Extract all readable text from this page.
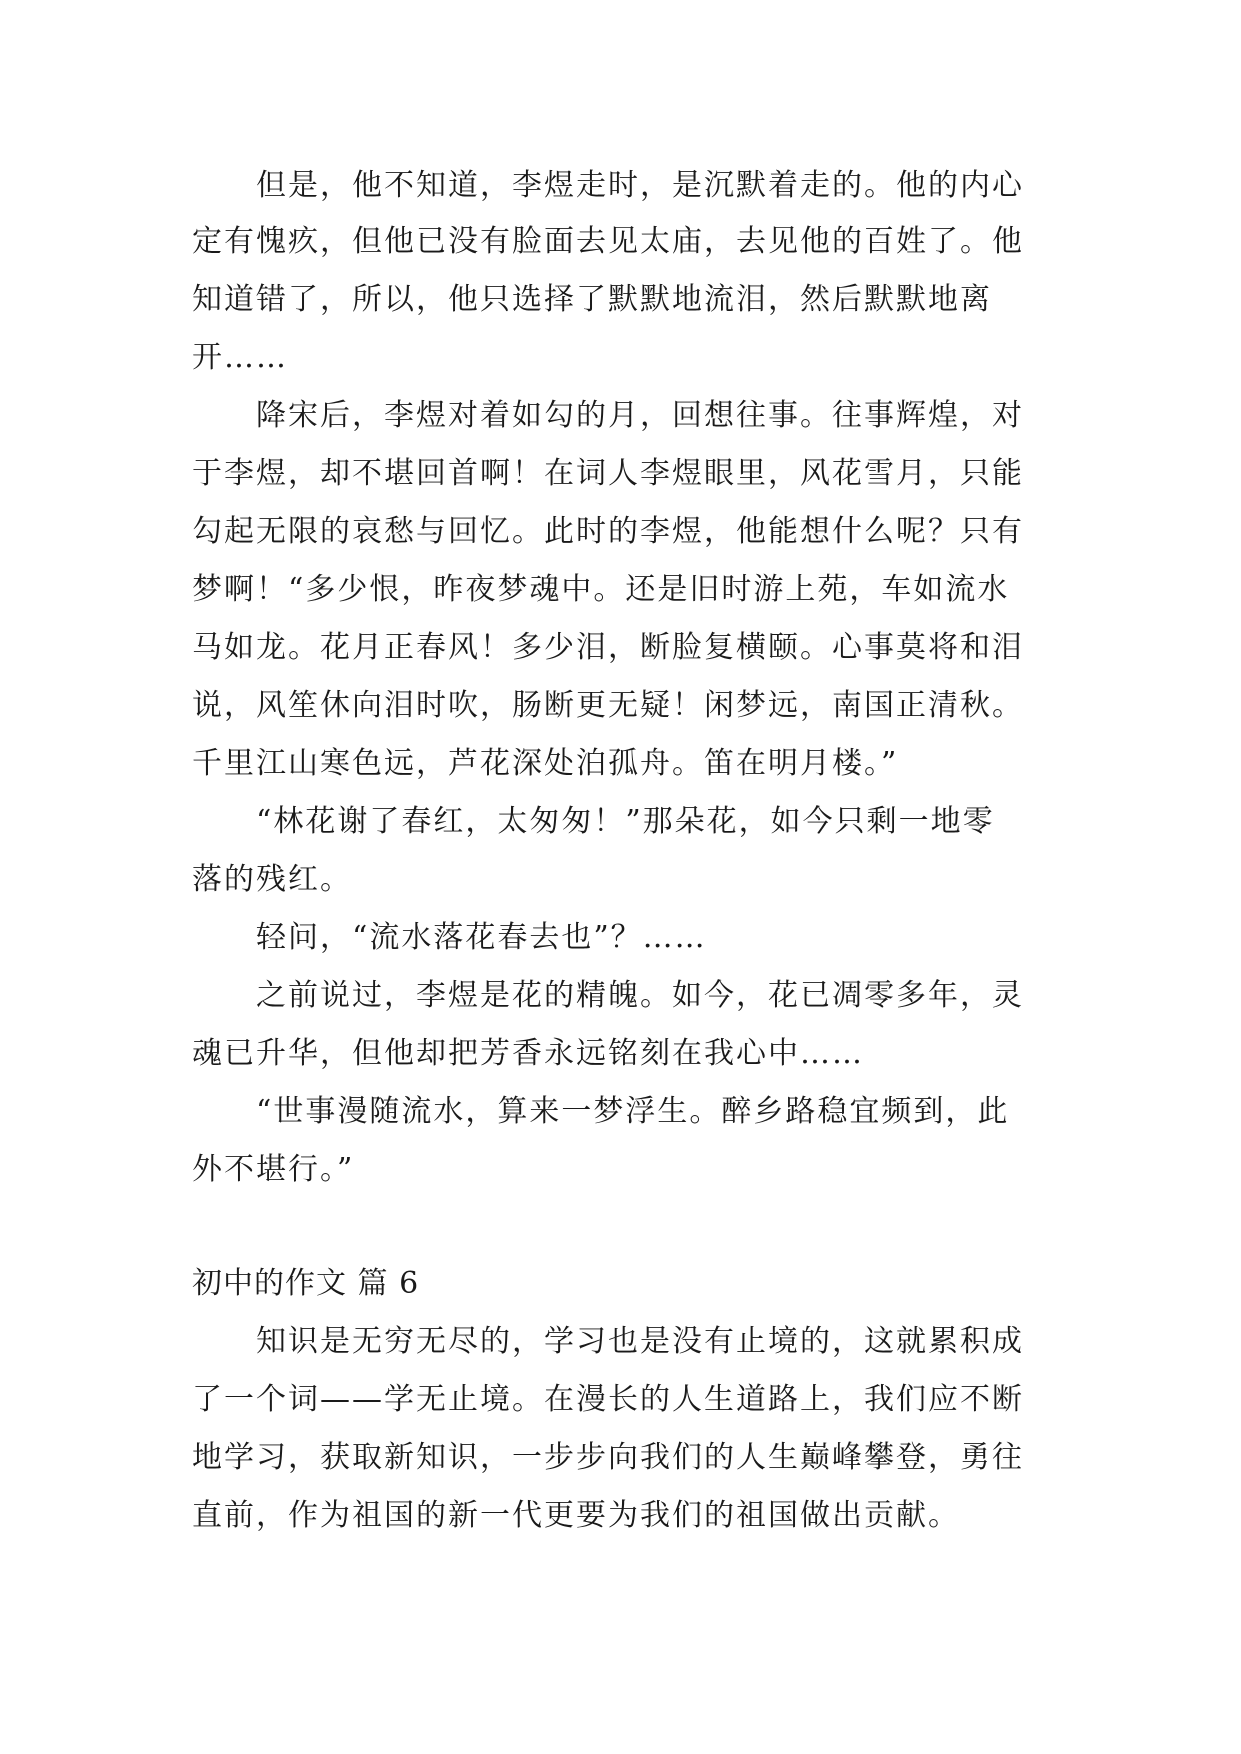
但是，他不知道，李煜走时，是沉默着走的。他的内心
定有愧疚，但他已没有脸面去见太庙，去见他的百姓了。他
知道错了，所以，他只选择了默默地流泪，然后默默地离
开……
降宋后，李煜对着如勾的月，回想往事。往事辉煌，对
于李煜，却不堪回首啊！在词人李煜眼里，风花雪月，只能
勾起无限的哀愁与回忆。此时的李煜，他能想什么呢？只有
梦啊！“多少恨，昨夜梦魂中。还是旧时游上苑，车如流水
马如龙。花月正春风！多少泪，断脸复横颐。心事莫将和泪
说，风笙休向泪时吹，肠断更无疑！闲梦远，南国正清秋。
千里江山寒色远，芦花深处泊孤舟。笛在明月楼。”
“林花谢了春红，太匆匆！”那朵花，如今只剩一地零
落的残红。
轻问，“流水落花春去也”？……
之前说过，李煜是花的精魄。如今，花已凋零多年，灵
魂已升华，但他却把芳香永远铭刻在我心中……
“世事漫随流水，算来一梦浮生。醉乡路稳宜频到，此
外不堪行。”
初中的作文 篇 6
知识是无穷无尽的，学习也是没有止境的，这就累积成
了一个词——学无止境。在漫长的人生道路上，我们应不断
地学习，获取新知识，一步步向我们的人生巅峰攀登，勇往
直前，作为祖国的新一代更要为我们的祖国做出贡献。
